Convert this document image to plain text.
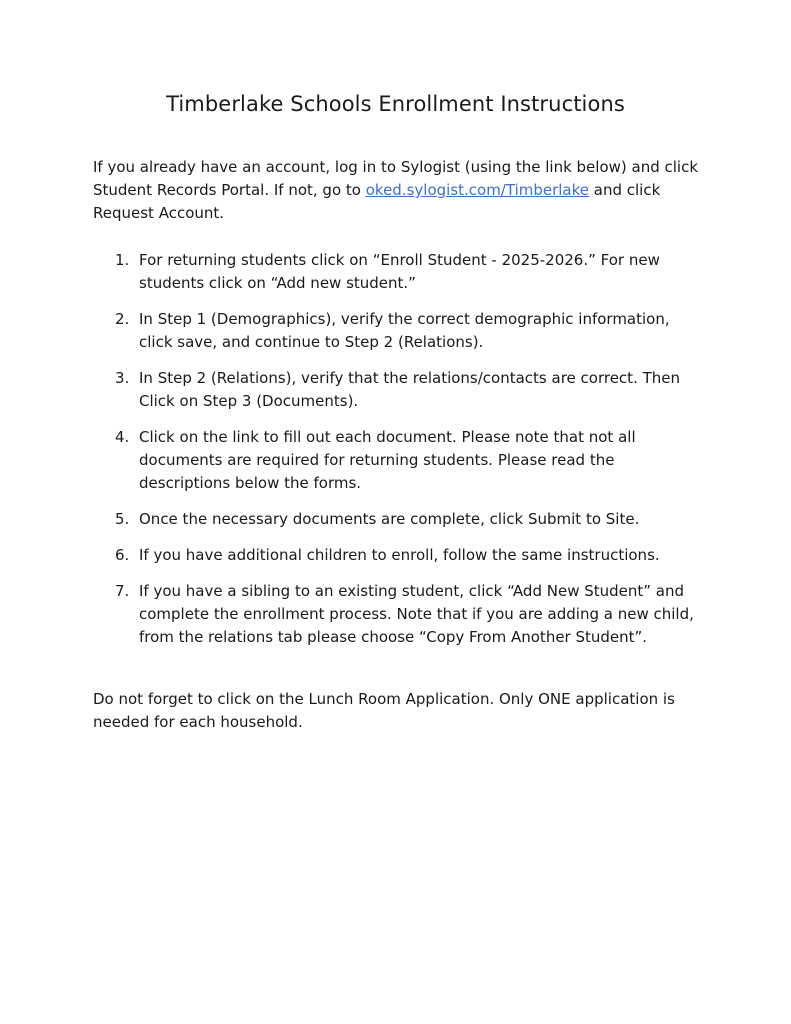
Timberlake Schools Enrollment Instructions

If you already have an account, log in to Sylogist (using the link below) and click Student Records Portal. If not, go to oked.sylogist.com/Timberlake and click Request Account.

1. For returning students click on “Enroll Student - 2025-2026.” For new students click on “Add new student.”
2. In Step 1 (Demographics), verify the correct demographic information, click save, and continue to Step 2 (Relations).
3. In Step 2 (Relations), verify that the relations/contacts are correct. Then Click on Step 3 (Documents).
4. Click on the link to fill out each document. Please note that not all documents are required for returning students. Please read the descriptions below the forms.
5. Once the necessary documents are complete, click Submit to Site.
6. If you have additional children to enroll, follow the same instructions.
7. If you have a sibling to an existing student, click “Add New Student” and complete the enrollment process. Note that if you are adding a new child, from the relations tab please choose “Copy From Another Student”.

Do not forget to click on the Lunch Room Application. Only ONE application is needed for each household.
